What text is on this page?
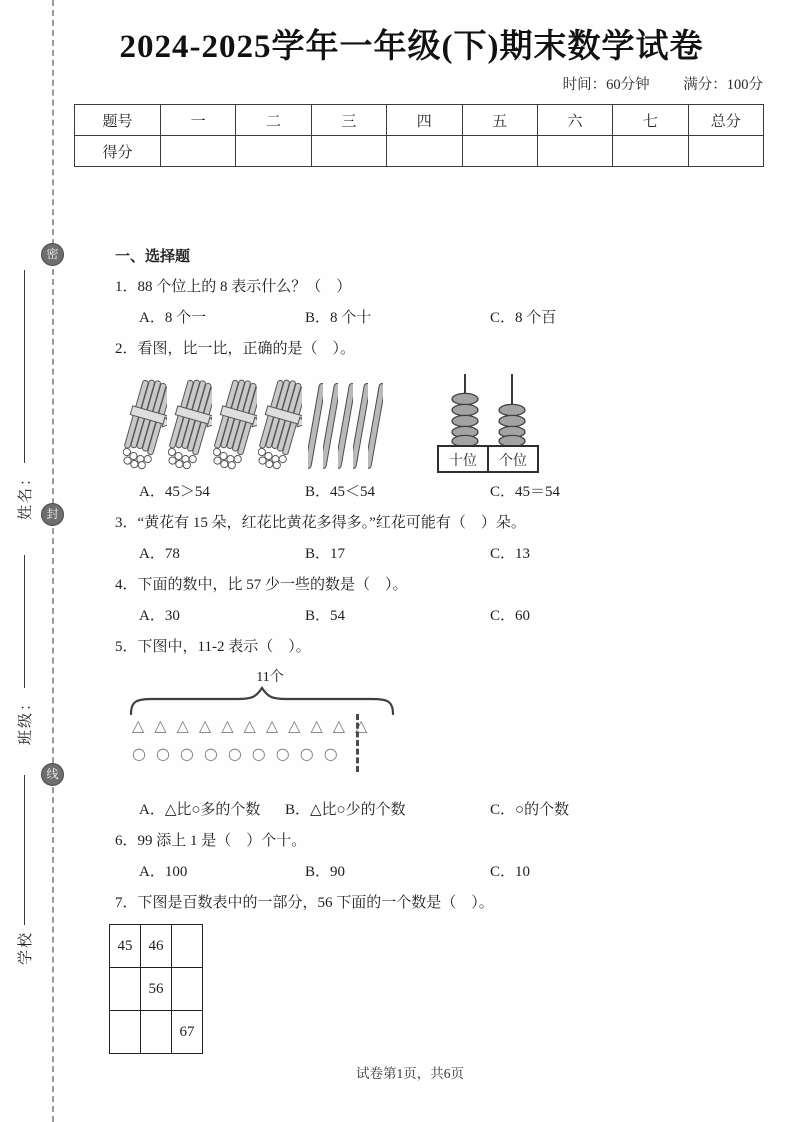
密
封
线
姓名：
班级：
学校
2024-2025学年一年级(下)期末数学试卷
时间：60分钟 满分：100分
题号	一	二	三	四	五	六	七	总分
得分								
一、选择题
1．88 个位上的 8 表示什么？（　）
A．8 个一	B．8 个十	C．8 个百
2．看图，比一比，正确的是（　）。
十位 个位
A．45＞54	B．45＜54	C．45＝54
3．“黄花有 15 朵，红花比黄花多得多。”红花可能有（　）朵。
A．78	B．17	C．13
4．下面的数中，比 57 少一些的数是（　）。
A．30	B．54	C．60
5．下图中，11-2 表示（　）。
11个
△△△△△△△△△△△
○○○○○○○○○
A．△比○多的个数 B．△比○少的个数	C．○的个数
6．99 添上 1 是（　）个十。
A．100	B．90	C．10
7．下图是百数表中的一部分，56 下面的一个数是（　）。
45	46	
	56	
		67
试卷第1页，共6页
